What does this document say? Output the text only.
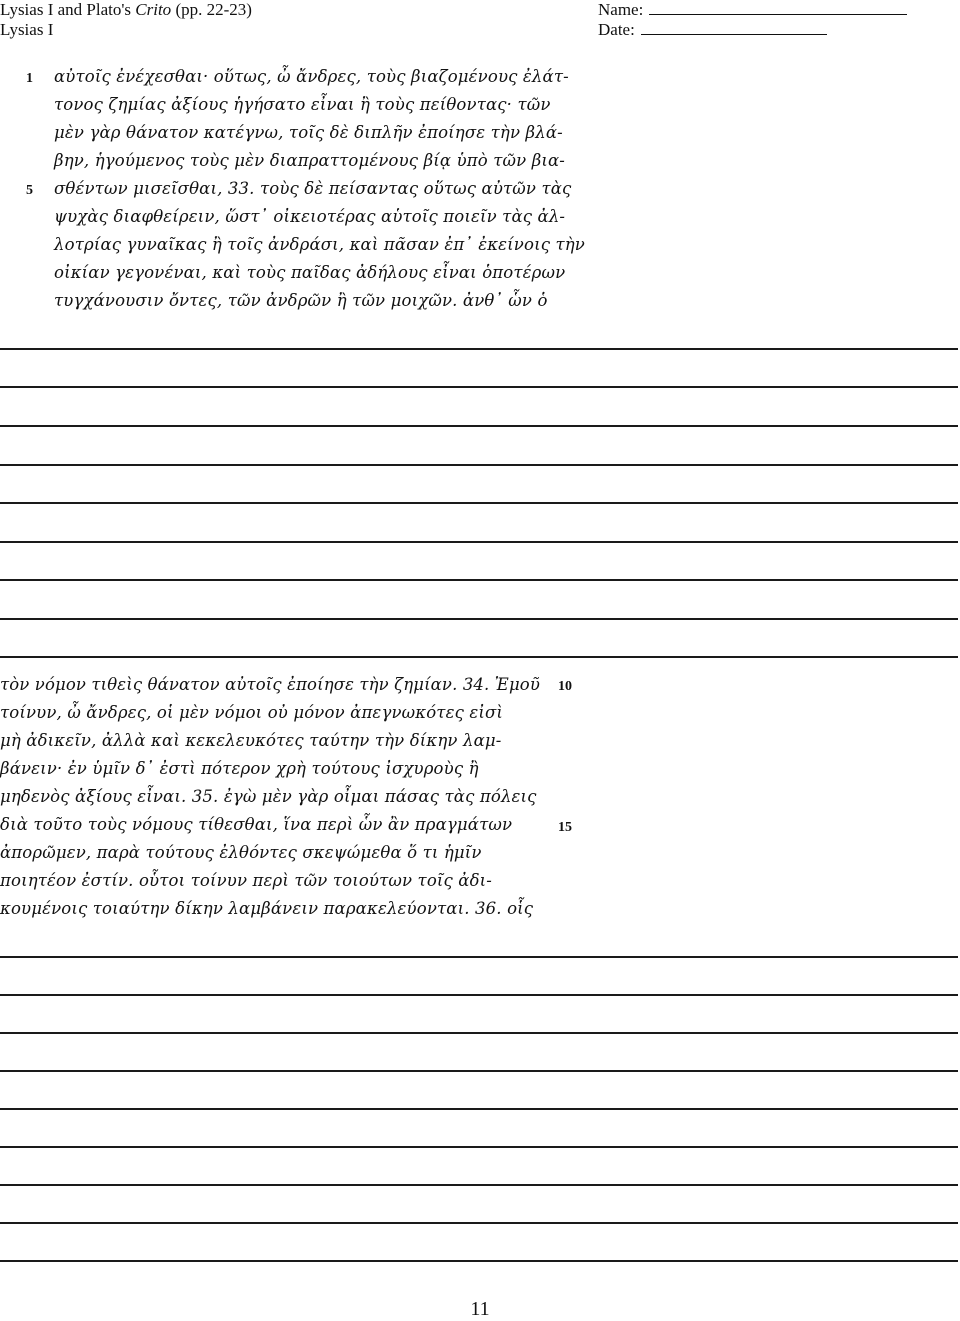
Lysias I and Plato's Crito (pp. 22-23)
Lysias I
Name:
Date:
1
5
αὐτοῖς ἐνέχεσθαι· οὕτως, ὦ ἄνδρες, τοὺς βιαζομένους ἐλάτ-
τονος ζημίας ἀξίους ἡγήσατο εἶναι ἢ τοὺς πείθοντας· τῶν
μὲν γὰρ θάνατον κατέγνω, τοῖς δὲ διπλῆν ἐποίησε τὴν βλά-
βην, ἡγούμενος τοὺς μὲν διαπραττομένους βίᾳ ὑπὸ τῶν βια-
σθέντων μισεῖσθαι, 33. τοὺς δὲ πείσαντας οὕτως αὐτῶν τὰς
ψυχὰς διαφθείρειν, ὥστ᾽ οἰκειοτέρας αὑτοῖς ποιεῖν τὰς ἀλ-
λοτρίας γυναῖκας ἢ τοῖς ἀνδράσι, καὶ πᾶσαν ἐπ᾽ ἐκείνοις τὴν
οἰκίαν γεγονέναι, καὶ τοὺς παῖδας ἀδήλους εἶναι ὁποτέρων
τυγχάνουσιν ὄντες, τῶν ἀνδρῶν ἢ τῶν μοιχῶν. ἀνθ᾽ ὧν ὁ
τὸν νόμον τιθεὶς θάνατον αὐτοῖς ἐποίησε τὴν ζημίαν. 34. Ἐμοῦ
τοίνυν, ὦ ἄνδρες, οἱ μὲν νόμοι οὐ μόνον ἀπεγνωκότες εἰσὶ
μὴ ἀδικεῖν, ἀλλὰ καὶ κεκελευκότες ταύτην τὴν δίκην λαμ-
βάνειν· ἐν ὑμῖν δ᾽ ἐστὶ πότερον χρὴ τούτους ἰσχυροὺς ἢ
μηδενὸς ἀξίους εἶναι. 35. ἐγὼ μὲν γὰρ οἶμαι πάσας τὰς πόλεις
διὰ τοῦτο τοὺς νόμους τίθεσθαι, ἵνα περὶ ὧν ἂν πραγμάτων
ἀπορῶμεν, παρὰ τούτους ἐλθόντες σκεψώμεθα ὅ τι ἡμῖν
ποιητέον ἐστίν. οὗτοι τοίνυν περὶ τῶν τοιούτων τοῖς ἀδι-
κουμένοις τοιαύτην δίκην λαμβάνειν παρακελεύονται. 36. οἷς
10
15
11
